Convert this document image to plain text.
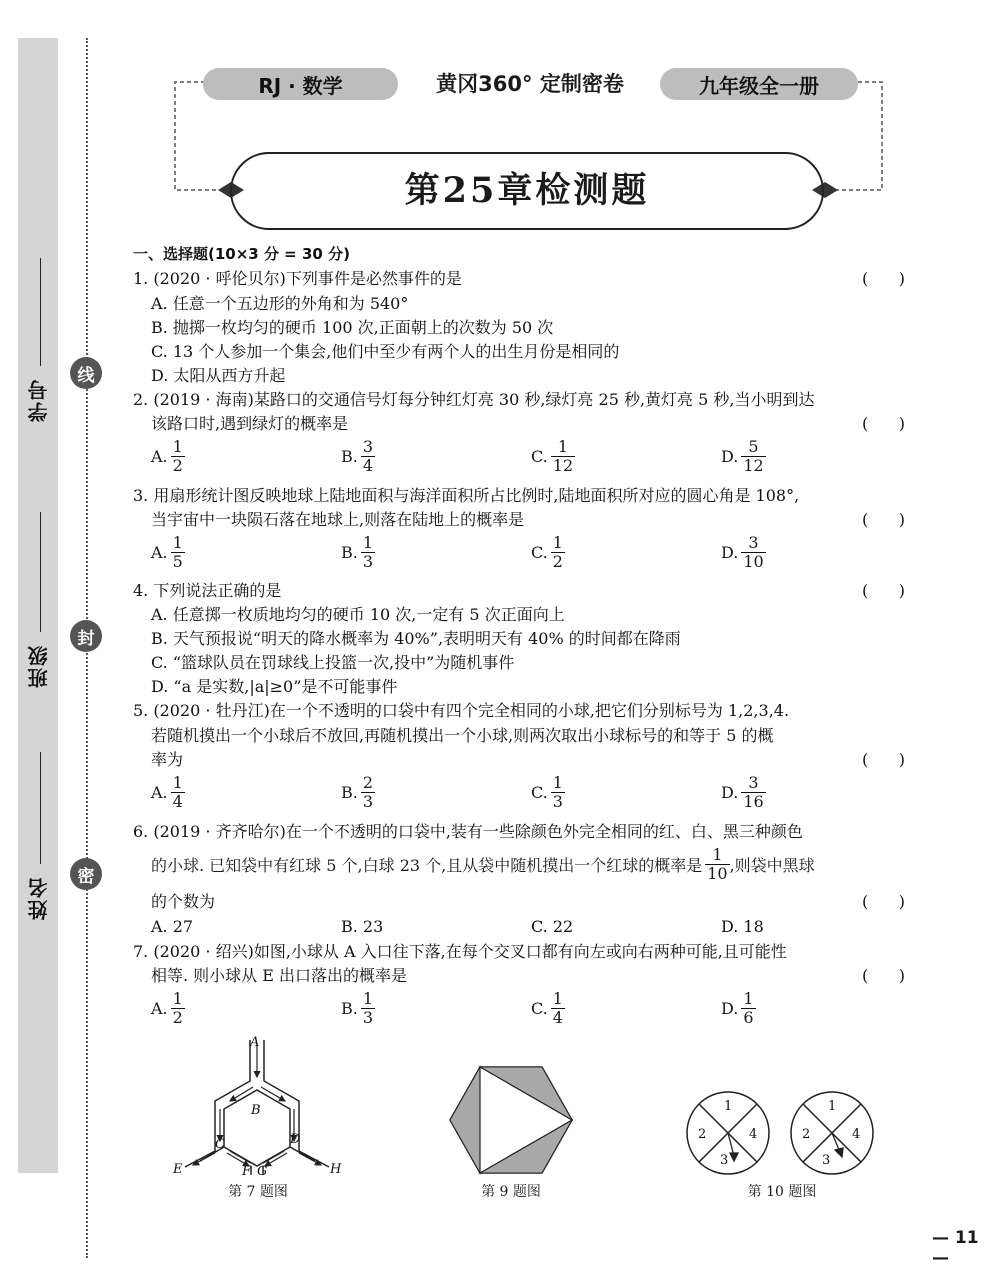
线
封
密
学号
班级
姓名
RJ · 数学	黄冈360° 定制密卷	九年级全一册
第25章检测题
一、选择题(10×3 分 = 30 分)
1. (2020 · 呼伦贝尔)下列事件是必然事件的是	(      )
A. 任意一个五边形的外角和为 540°
B. 抛掷一枚均匀的硬币 100 次,正面朝上的次数为 50 次
C. 13 个人参加一个集会,他们中至少有两个人的出生月份是相同的
D. 太阳从西方升起
2. (2019 · 海南)某路口的交通信号灯每分钟红灯亮 30 秒,绿灯亮 25 秒,黄灯亮 5 秒,当小明到达
该路口时,遇到绿灯的概率是	(      )
A. $\frac{1}{2}$	B. $\frac{3}{4}$	C. $\frac{1}{12}$	D. $\frac{5}{12}$
3. 用扇形统计图反映地球上陆地面积与海洋面积所占比例时,陆地面积所对应的圆心角是 108°,
当宇宙中一块陨石落在地球上,则落在陆地上的概率是	(      )
A. $\frac{1}{5}$	B. $\frac{1}{3}$	C. $\frac{1}{2}$	D. $\frac{3}{10}$
4. 下列说法正确的是	(      )
A. 任意掷一枚质地均匀的硬币 10 次,一定有 5 次正面向上
B. 天气预报说“明天的降水概率为 40%”,表明明天有 40% 的时间都在降雨
C. “篮球队员在罚球线上投篮一次,投中”为随机事件
D. “a 是实数,|a|≥0”是不可能事件
5. (2020 · 牡丹江)在一个不透明的口袋中有四个完全相同的小球,把它们分别标号为 1,2,3,4.
若随机摸出一个小球后不放回,再随机摸出一个小球,则两次取出小球标号的和等于 5 的概
率为	(      )
A. $\frac{1}{4}$	B. $\frac{2}{3}$	C. $\frac{1}{3}$	D. $\frac{3}{16}$
6. (2019 · 齐齐哈尔)在一个不透明的口袋中,装有一些除颜色外完全相同的红、白、黑三种颜色
的小球. 已知袋中有红球 5 个,白球 23 个,且从袋中随机摸出一个红球的概率是 $\frac{1}{10}$ ,则袋中黑球
的个数为	(      )
A. 27	B. 23	C. 22	D. 18
7. (2020 · 绍兴)如图,小球从 A 入口往下落,在每个交叉口都有向左或向右两种可能,且可能性
相等. 则小球从 E 出口落出的概率是	(      )
A. $\frac{1}{2}$	B. $\frac{1}{3}$	C. $\frac{1}{4}$	D. $\frac{1}{6}$
A
B
C	D
E	F G	H
第 7 题图	第 9 题图
1
2
3
4
1
2
3
4
第 10 题图
— 11 —
